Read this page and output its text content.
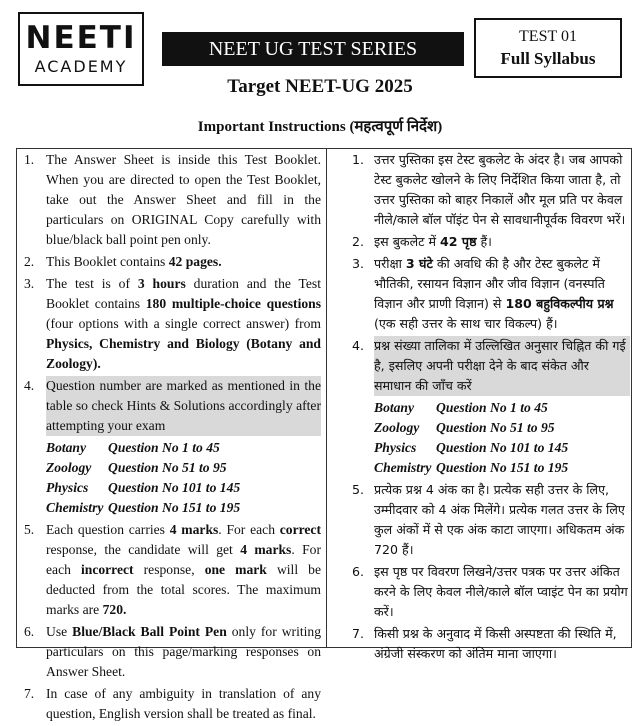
NEETI
ACADEMY
NEET UG TEST SERIES
TEST 01
Full Syllabus
Target NEET-UG 2025
Important Instructions (महत्वपूर्ण निर्देश)
1. The Answer Sheet is inside this Test Booklet. When you are directed to open the Test Booklet, take out the Answer Sheet and fill in the particulars on ORIGINAL Copy carefully with blue/black ball point pen only.
2. This Booklet contains 42 pages.
3. The test is of 3 hours duration and the Test Booklet contains 180 multiple-choice questions (four options with a single correct answer) from Physics, Chemistry and Biology (Botany and Zoology).
4. Question number are marked as mentioned in the table so check Hints & Solutions accordingly after attempting your exam
Botany	Question No 1 to 45
Zoology	Question No 51 to 95
Physics	Question No 101 to 145
Chemistry Question No 151 to 195
5. Each question carries 4 marks. For each correct response, the candidate will get 4 marks. For each incorrect response, one mark will be deducted from the total scores. The maximum marks are 720.
6. Use Blue/Black Ball Point Pen only for writing particulars on this page/marking responses on Answer Sheet.
7. In case of any ambiguity in translation of any question, English version shall be treated as final.
1. उत्तर पुस्तिका इस टेस्ट बुकलेट के अंदर है। जब आपको टेस्ट बुकलेट खोलने के लिए निर्देशित किया जाता है, तो उत्तर पुस्तिका को बाहर निकालें और मूल प्रति पर केवल नीले/काले बॉल पॉइंट पेन से सावधानीपूर्वक विवरण भरें।
2. इस बुकलेट में 42 पृष्ठ हैं।
3. परीक्षा 3 घंटे की अवधि की है और टेस्ट बुकलेट में भौतिकी, रसायन विज्ञान और जीव विज्ञान (वनस्पति विज्ञान और प्राणी विज्ञान) से 180 बहुविकल्पीय प्रश्न (एक सही उत्तर के साथ चार विकल्प) हैं।
4. प्रश्न संख्या तालिका में उल्लिखित अनुसार चिह्नित की गई है, इसलिए अपनी परीक्षा देने के बाद संकेत और समाधान की जाँच करें
Botany	Question No 1 to 45
Zoology	Question No 51 to 95
Physics	Question No 101 to 145
Chemistry Question No 151 to 195
5. प्रत्येक प्रश्न 4 अंक का है। प्रत्येक सही उत्तर के लिए, उम्मीदवार को 4 अंक मिलेंगे। प्रत्येक गलत उत्तर के लिए कुल अंकों में से एक अंक काटा जाएगा। अधिकतम अंक 720 हैं।
6. इस पृष्ठ पर विवरण लिखने/उत्तर पत्रक पर उत्तर अंकित करने के लिए केवल नीले/काले बॉल प्वाइंट पेन का प्रयोग करें।
7. किसी प्रश्न के अनुवाद में किसी अस्पष्टता की स्थिति में, अंग्रेजी संस्करण को अंतिम माना जाएगा।
